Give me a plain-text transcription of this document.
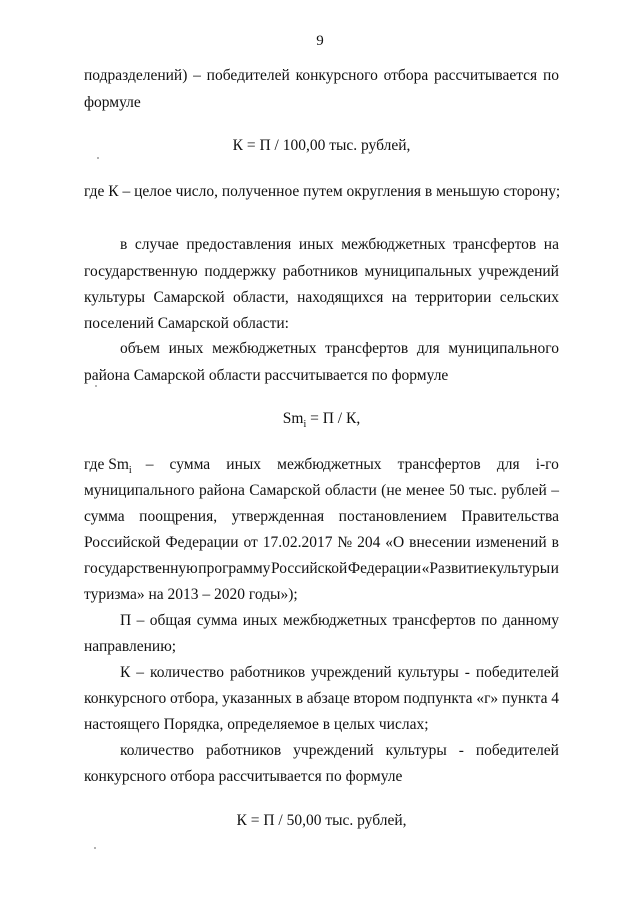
9
подразделений) – победителей конкурсного отбора рассчитывается по
формуле
К = П / 100,00 тыс. рублей,
где К – целое число, полученное путем округления в меньшую сторону;
в случае предоставления иных межбюджетных трансфертов на
государственную поддержку работников муниципальных учреждений
культуры Самарской области, находящихся на территории сельских
поселений Самарской области:
объем иных межбюджетных трансфертов для муниципального
района Самарской области рассчитывается по формуле
$Sm_i = П / К$,
где $Sm_i$ – сумма иных межбюджетных трансфертов для i-го
муниципального района Самарской области (не менее 50 тыс. рублей –
сумма поощрения, утвержденная постановлением Правительства
Российской Федерации от 17.02.2017 № 204 «О внесении изменений в
государственную программу Российской Федерации «Развитие культуры и
туризма» на 2013 – 2020 годы»);
П – общая сумма иных межбюджетных трансфертов по данному
направлению;
К – количество работников учреждений культуры - победителей
конкурсного отбора, указанных в абзаце втором подпункта «г» пункта 4
настоящего Порядка, определяемое в целых числах;
количество работников учреждений культуры - победителей
конкурсного отбора рассчитывается по формуле
К = П / 50,00 тыс. рублей,
